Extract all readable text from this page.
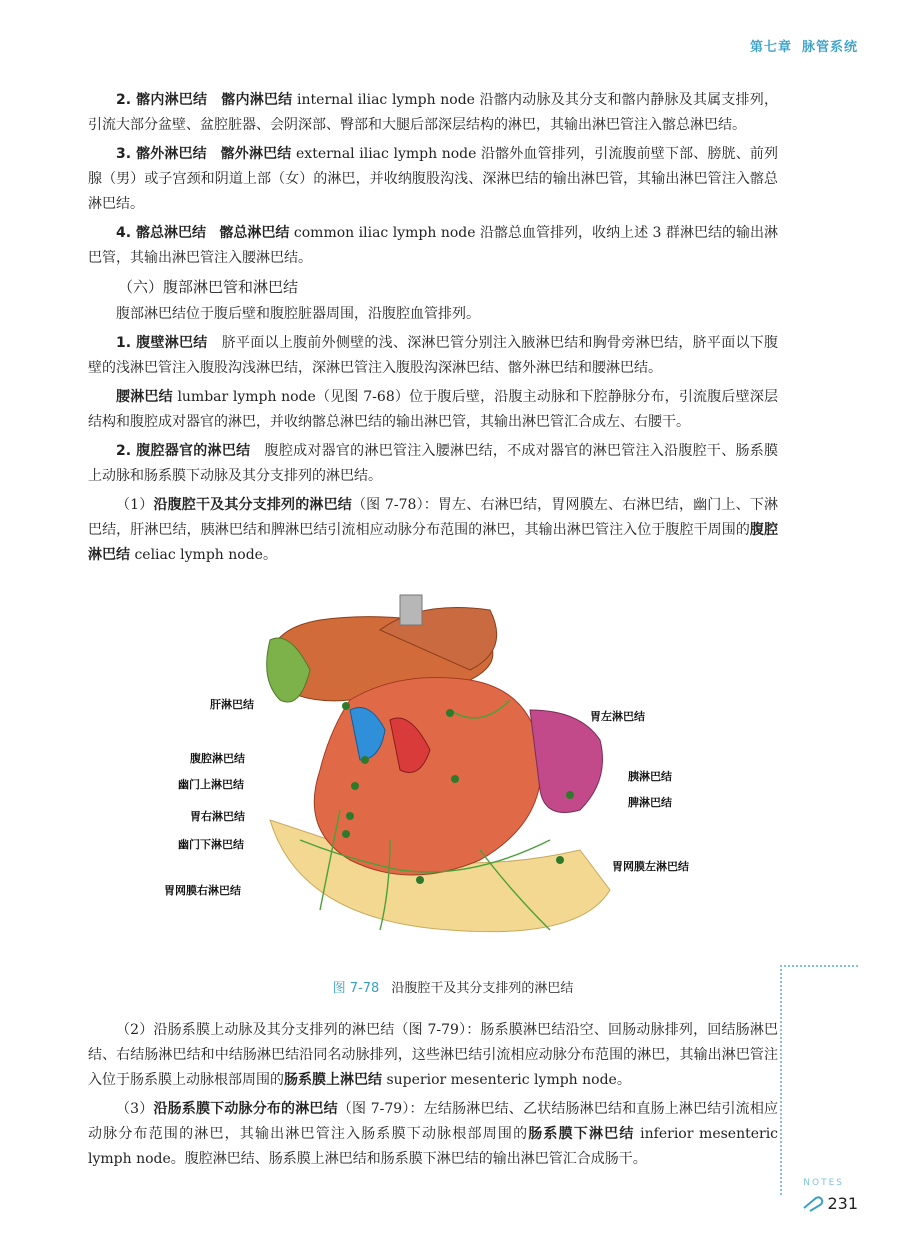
第七章 脉管系统

2. 髂内淋巴结 髂内淋巴结 internal iliac lymph node 沿髂内动脉及其分支和髂内静脉及其属支排列，引流大部分盆壁、盆腔脏器、会阴深部、臀部和大腿后部深层结构的淋巴，其输出淋巴管注入髂总淋巴结。

3. 髂外淋巴结 髂外淋巴结 external iliac lymph node 沿髂外血管排列，引流腹前壁下部、膀胱、前列腺（男）或子宫颈和阴道上部（女）的淋巴，并收纳腹股沟浅、深淋巴结的输出淋巴管，其输出淋巴管注入髂总淋巴结。

4. 髂总淋巴结 髂总淋巴结 common iliac lymph node 沿髂总血管排列，收纳上述 3 群淋巴结的输出淋巴管，其输出淋巴管注入腰淋巴结。

（六）腹部淋巴管和淋巴结

腹部淋巴结位于腹后壁和腹腔脏器周围，沿腹腔血管排列。

1. 腹壁淋巴结 脐平面以上腹前外侧壁的浅、深淋巴管分别注入腋淋巴结和胸骨旁淋巴结，脐平面以下腹壁的浅淋巴管注入腹股沟浅淋巴结，深淋巴管注入腹股沟深淋巴结、髂外淋巴结和腰淋巴结。

腰淋巴结 lumbar lymph node（见图 7-68）位于腹后壁，沿腹主动脉和下腔静脉分布，引流腹后壁深层结构和腹腔成对器官的淋巴，并收纳髂总淋巴结的输出淋巴管，其输出淋巴管汇合成左、右腰干。

2. 腹腔器官的淋巴结 腹腔成对器官的淋巴管注入腰淋巴结，不成对器官的淋巴管注入沿腹腔干、肠系膜上动脉和肠系膜下动脉及其分支排列的淋巴结。

（1）沿腹腔干及其分支排列的淋巴结（图 7-78）：胃左、右淋巴结，胃网膜左、右淋巴结，幽门上、下淋巴结，肝淋巴结，胰淋巴结和脾淋巴结引流相应动脉分布范围的淋巴，其输出淋巴管注入位于腹腔干周围的腹腔淋巴结 celiac lymph node。

肝淋巴结
腹腔淋巴结
幽门上淋巴结
胃右淋巴结
幽门下淋巴结
胃网膜右淋巴结
胃左淋巴结
胰淋巴结
脾淋巴结
胃网膜左淋巴结
图 7-78 沿腹腔干及其分支排列的淋巴结

（2）沿肠系膜上动脉及其分支排列的淋巴结（图 7-79）：肠系膜淋巴结沿空、回肠动脉排列，回结肠淋巴结、右结肠淋巴结和中结肠淋巴结沿同名动脉排列，这些淋巴结引流相应动脉分布范围的淋巴，其输出淋巴管注入位于肠系膜上动脉根部周围的肠系膜上淋巴结 superior mesenteric lymph node。

（3）沿肠系膜下动脉分布的淋巴结（图 7-79）：左结肠淋巴结、乙状结肠淋巴结和直肠上淋巴结引流相应动脉分布范围的淋巴，其输出淋巴管注入肠系膜下动脉根部周围的肠系膜下淋巴结 inferior mesenteric lymph node。腹腔淋巴结、肠系膜上淋巴结和肠系膜下淋巴结的输出淋巴管汇合成肠干。

NOTES
231
